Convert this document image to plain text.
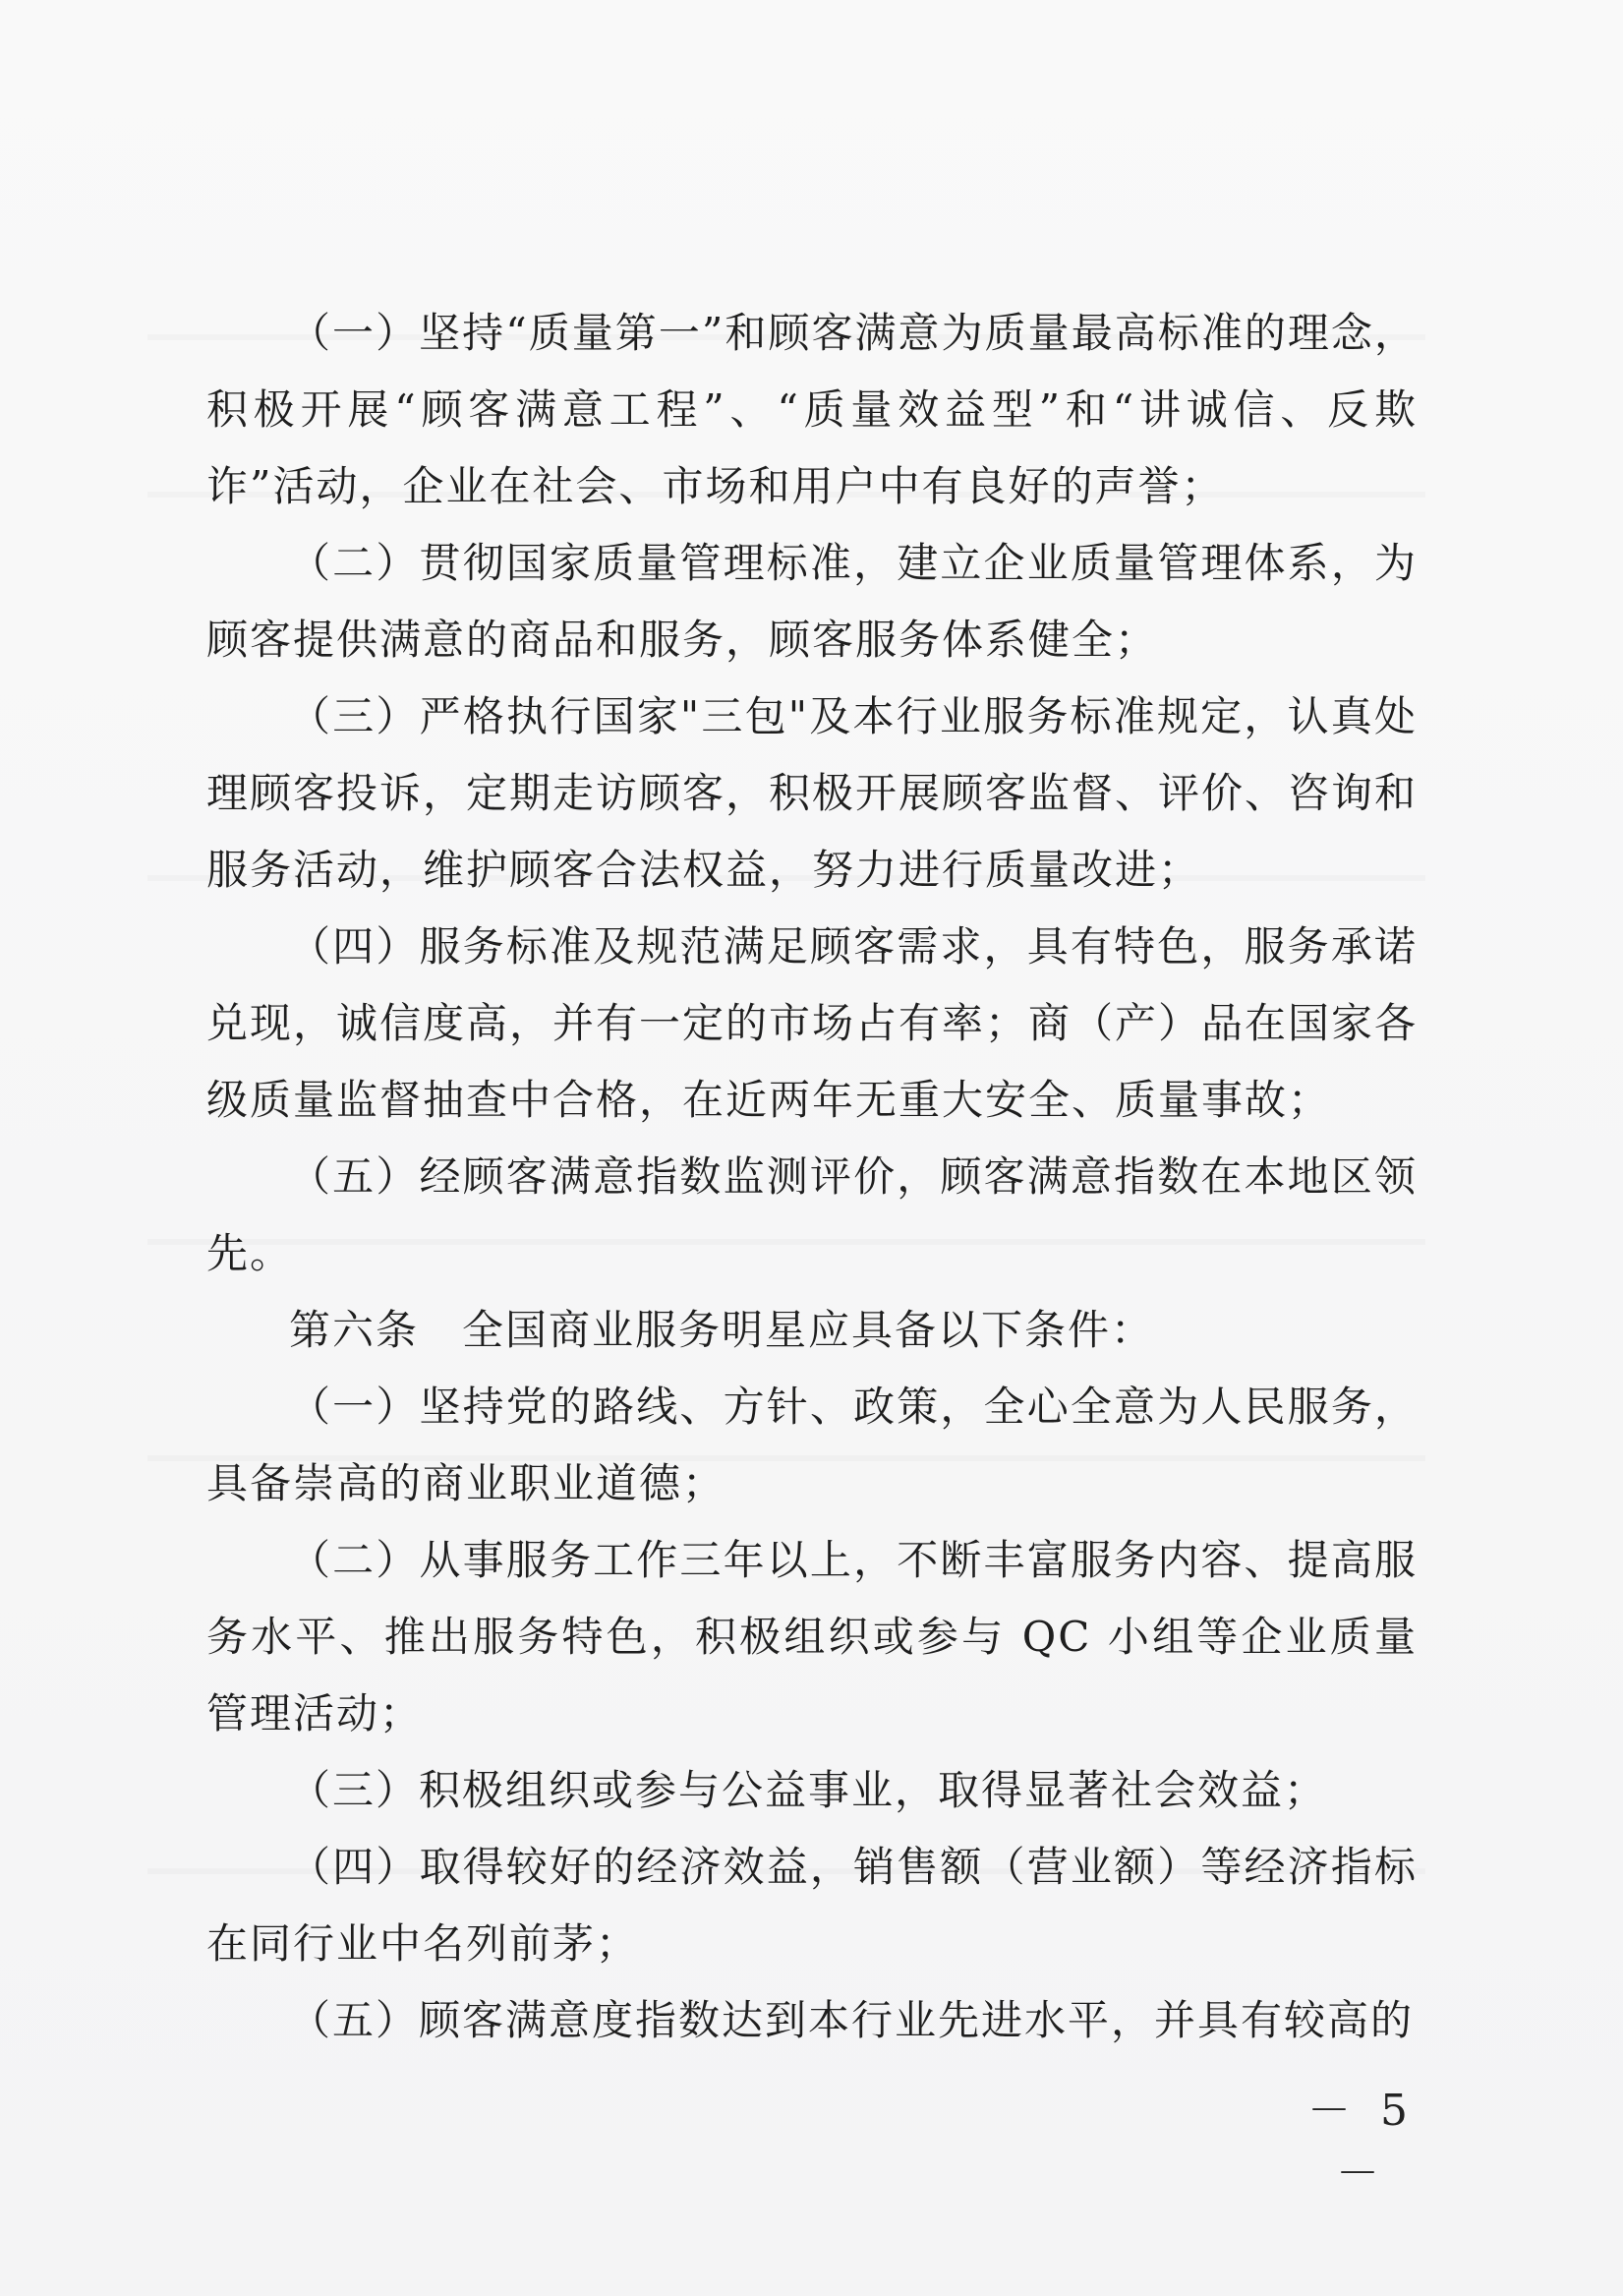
（一）坚持“质量第一”和顾客满意为质量最高标准的理念，积极开展“顾客满意工程”、“质量效益型”和“讲诚信、反欺诈”活动，企业在社会、市场和用户中有良好的声誉；
（二）贯彻国家质量管理标准，建立企业质量管理体系，为顾客提供满意的商品和服务，顾客服务体系健全；
（三）严格执行国家"三包"及本行业服务标准规定，认真处理顾客投诉，定期走访顾客，积极开展顾客监督、评价、咨询和服务活动，维护顾客合法权益，努力进行质量改进；
（四）服务标准及规范满足顾客需求，具有特色，服务承诺兑现，诚信度高，并有一定的市场占有率；商（产）品在国家各级质量监督抽查中合格，在近两年无重大安全、质量事故；
（五）经顾客满意指数监测评价，顾客满意指数在本地区领先。
第六条　全国商业服务明星应具备以下条件：
（一）坚持党的路线、方针、政策，全心全意为人民服务，具备崇高的商业职业道德；
（二）从事服务工作三年以上，不断丰富服务内容、提高服务水平、推出服务特色，积极组织或参与 QC 小组等企业质量管理活动；
（三）积极组织或参与公益事业，取得显著社会效益；
（四）取得较好的经济效益，销售额（营业额）等经济指标在同行业中名列前茅；
（五）顾客满意度指数达到本行业先进水平，并具有较高的

－ 5 －
